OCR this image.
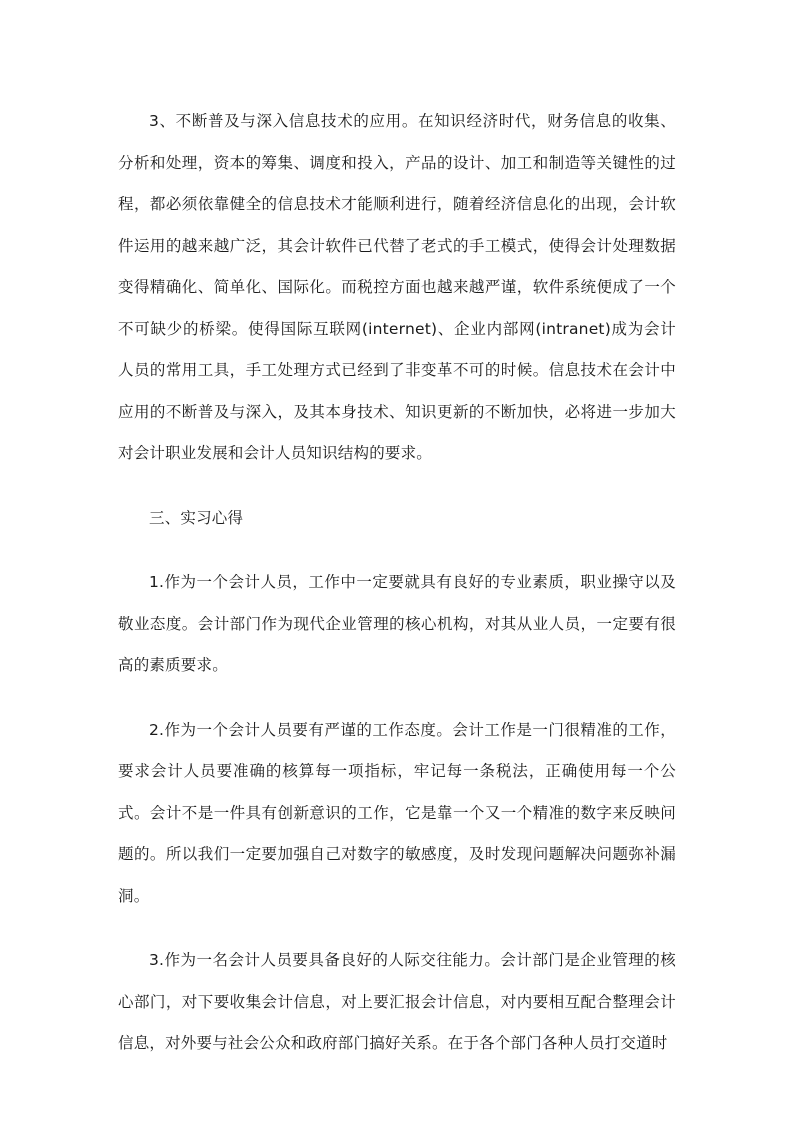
3、不断普及与深入信息技术的应用。在知识经济时代，财务信息的收集、分析和处理，资本的筹集、调度和投入，产品的设计、加工和制造等关键性的过程，都必须依靠健全的信息技术才能顺利进行，随着经济信息化的出现，会计软件运用的越来越广泛，其会计软件已代替了老式的手工模式，使得会计处理数据变得精确化、简单化、国际化。而税控方面也越来越严谨，软件系统便成了一个不可缺少的桥梁。使得国际互联网(internet)、企业内部网(intranet)成为会计人员的常用工具，手工处理方式已经到了非变革不可的时候。信息技术在会计中应用的不断普及与深入，及其本身技术、知识更新的不断加快，必将进一步加大对会计职业发展和会计人员知识结构的要求。

三、实习心得

1.作为一个会计人员，工作中一定要就具有良好的专业素质，职业操守以及敬业态度。会计部门作为现代企业管理的核心机构，对其从业人员，一定要有很高的素质要求。

2.作为一个会计人员要有严谨的工作态度。会计工作是一门很精准的工作，要求会计人员要准确的核算每一项指标，牢记每一条税法，正确使用每一个公式。会计不是一件具有创新意识的工作，它是靠一个又一个精准的数字来反映问题的。所以我们一定要加强自己对数字的敏感度，及时发现问题解决问题弥补漏洞。

3.作为一名会计人员要具备良好的人际交往能力。会计部门是企业管理的核心部门，对下要收集会计信息，对上要汇报会计信息，对内要相互配合整理会计信息，对外要与社会公众和政府部门搞好关系。在于各个部门各种人员打交道时
